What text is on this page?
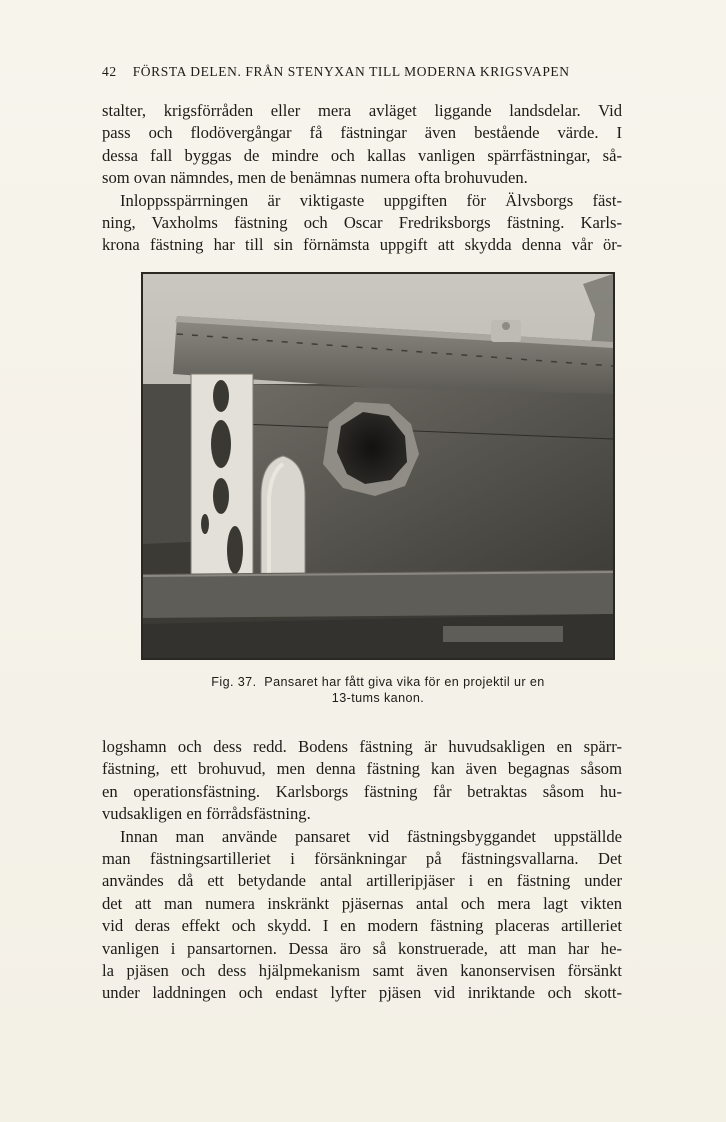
42 FÖRSTA DELEN. FRÅN STENYXAN TILL MODERNA KRIGSVAPEN
stalter, krigsförråden eller mera avläget liggande landsdelar. Vid
pass och flodövergångar få fästningar även bestående värde. I
dessa fall byggas de mindre och kallas vanligen spärrfästningar, så-
som ovan nämndes, men de benämnas numera ofta brohuvuden.
Inloppsspärrningen är viktigaste uppgiften för Älvsborgs fäst-
ning, Vaxholms fästning och Oscar Fredriksborgs fästning. Karls-
krona fästning har till sin förnämsta uppgift att skydda denna vår ör-
Fig. 37. Pansaret har fått giva vika för en projektil ur en
13-tums kanon.
logshamn och dess redd. Bodens fästning är huvudsakligen en spärr-
fästning, ett brohuvud, men denna fästning kan även begagnas såsom
en operationsfästning. Karlsborgs fästning får betraktas såsom hu-
vudsakligen en förrådsfästning.
Innan man använde pansaret vid fästningsbyggandet uppställde
man fästningsartilleriet i försänkningar på fästningsvallarna. Det
användes då ett betydande antal artilleripjäser i en fästning under
det att man numera inskränkt pjäsernas antal och mera lagt vikten
vid deras effekt och skydd. I en modern fästning placeras artilleriet
vanligen i pansartornen. Dessa äro så konstruerade, att man har he-
la pjäsen och dess hjälpmekanism samt även kanonservisen försänkt
under laddningen och endast lyfter pjäsen vid inriktande och skott-
